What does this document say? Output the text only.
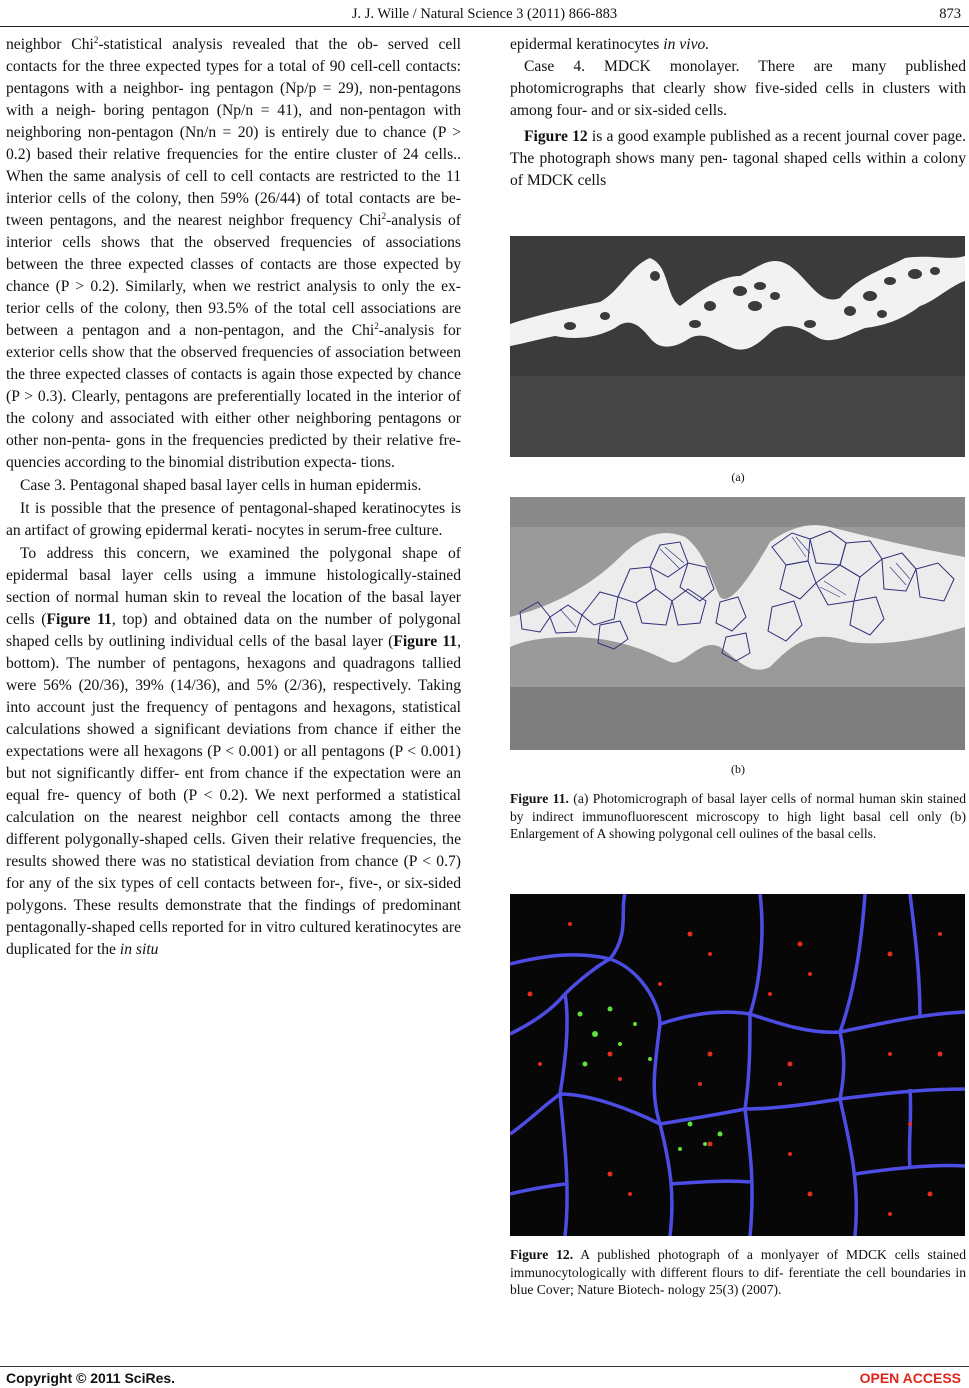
J. J. Wille / Natural Science 3 (2011) 866-883	873

neighbor Chi$^2$-statistical analysis revealed that the ob- served cell contacts for the three expected types for a total of 90 cell-cell contacts: pentagons with a neighbor- ing pentagon (Np/p = 29), non-pentagons with a neigh- boring pentagon (Np/n = 41), and non-pentagon with neighboring non-pentagon (Nn/n = 20) is entirely due to chance (P > 0.2) based their relative frequencies for the entire cluster of 24 cells.. When the same analysis of cell to cell contacts are restricted to the 11 interior cells of the colony, then 59% (26/44) of total contacts are be- tween pentagons, and the nearest neighbor frequency Chi$^2$-analysis of interior cells shows that the observed frequencies of associations between the three expected classes of contacts are those expected by chance (P > 0.2). Similarly, when we restrict analysis to only the ex- terior cells of the colony, then 93.5% of the total cell associations are between a pentagon and a non-pentagon, and the Chi$^2$-analysis for exterior cells show that the observed frequencies of association between the three expected classes of contacts is again those expected by chance (P > 0.3). Clearly, pentagons are preferentially located in the interior of the colony and associated with either other neighboring pentagons or other non-penta- gons in the frequencies predicted by their relative fre- quencies according to the binomial distribution expecta- tions.

Case 3. Pentagonal shaped basal layer cells in human epidermis.

It is possible that the presence of pentagonal-shaped keratinocytes is an artifact of growing epidermal kerati- nocytes in serum-free culture.

To address this concern, we examined the polygonal shape of epidermal basal layer cells using a immune histologically-stained section of normal human skin to reveal the location of the basal layer cells (Figure 11, top) and obtained data on the number of polygonal shaped cells by outlining individual cells of the basal layer (Figure 11, bottom). The number of pentagons, hexagons and quadragons tallied were 56% (20/36), 39% (14/36), and 5% (2/36), respectively. Taking into account just the frequency of pentagons and hexagons, statistical calculations showed a significant deviations from chance if either the expectations were all hexagons (P < 0.001) or all pentagons (P < 0.001) but not significantly differ- ent from chance if the expectation were an equal fre- quency of both (P < 0.2). We next performed a statistical calculation on the nearest neighbor cell contacts among the three different polygonally-shaped cells. Given their relative frequencies, the results showed there was no statistical deviation from chance (P < 0.7) for any of the six types of cell contacts between for-, five-, or six-sided polygons. These results demonstrate that the findings of predominant pentagonally-shaped cells reported for in vitro cultured keratinocytes are duplicated for the in situ

epidermal keratinocytes in vivo.

Case 4. MDCK monolayer. There are many published photomicrographs that clearly show five-sided cells in clusters with among four- and or six-sided cells.

Figure 12 is a good example published as a recent journal cover page. The photograph shows many pen- tagonal shaped cells within a colony of MDCK cells

(a)
(b)
Figure 11. (a) Photomicrograph of basal layer cells of normal human skin stained by indirect immunofluorescent microscopy to high light basal cell only (b) Enlargement of A showing polygonal cell oulines of the basal cells.
Figure 12. A published photograph of a monlyayer of MDCK cells stained immunocytologically with different flours to dif- ferentiate the cell boundaries in blue Cover; Nature Biotech- nology 25(3) (2007).
Copyright © 2011 SciRes.	OPEN ACCESS
